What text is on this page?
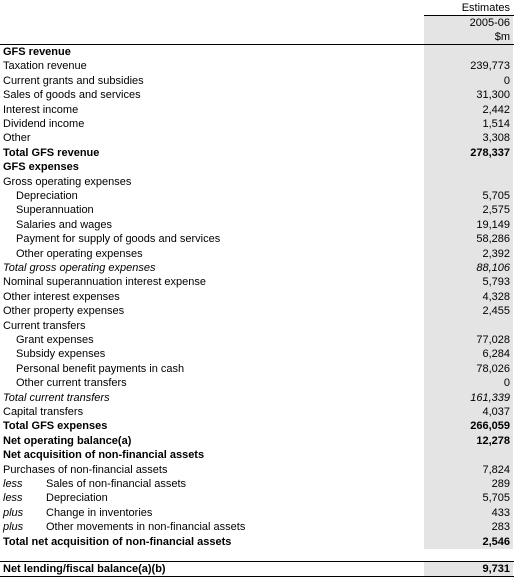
Estimates
2005-06
$m
GFS revenue
Taxation revenue	239,773
Current grants and subsidies	0
Sales of goods and services	31,300
Interest income	2,442
Dividend income	1,514
Other	3,308
Total GFS revenue	278,337
GFS expenses
Gross operating expenses
Depreciation	5,705
Superannuation	2,575
Salaries and wages	19,149
Payment for supply of goods and services	58,286
Other operating expenses	2,392
Total gross operating expenses	88,106
Nominal superannuation interest expense	5,793
Other interest expenses	4,328
Other property expenses	2,455
Current transfers
Grant expenses	77,028
Subsidy expenses	6,284
Personal benefit payments in cash	78,026
Other current transfers	0
Total current transfers	161,339
Capital transfers	4,037
Total GFS expenses	266,059
Net operating balance(a)	12,278
Net acquisition of non-financial assets
Purchases of non-financial assets	7,824
less Sales of non-financial assets	289
less Depreciation	5,705
plus Change in inventories	433
plus Other movements in non-financial assets	283
Total net acquisition of non-financial assets	2,546
Net lending/fiscal balance(a)(b)	9,731
